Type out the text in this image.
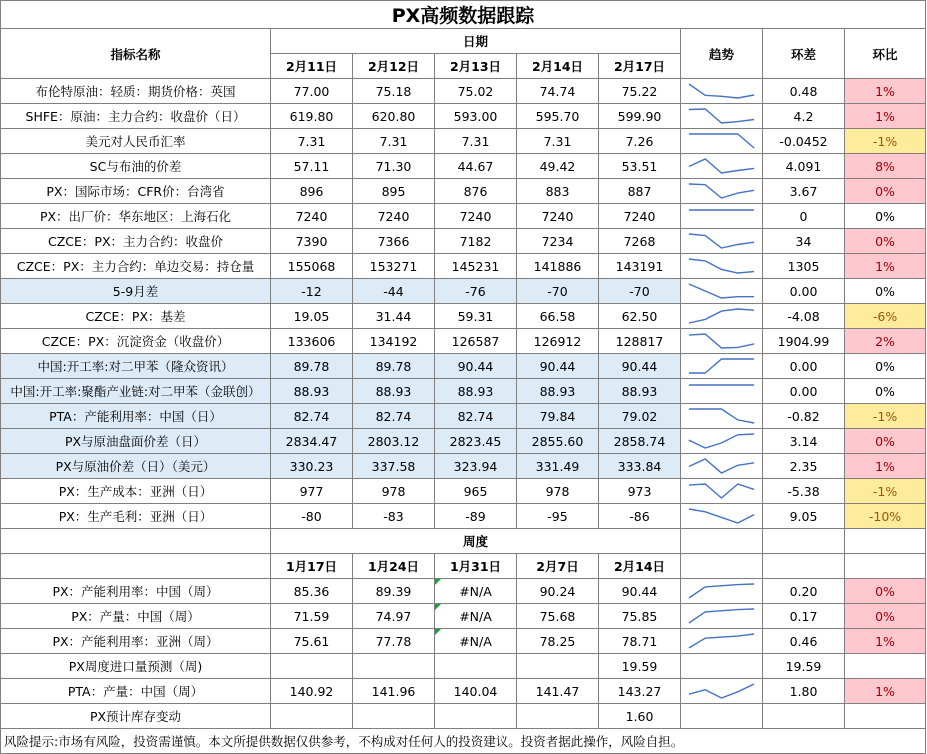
PX高频数据跟踪								
指标名称	日期					趋势	环差	环比
	2月11日	2月12日	2月13日	2月14日	2月17日			
布伦特原油：轻质：期货价格：英国	77.00	75.18	75.02	74.74	75.22		0.48	1%
SHFE：原油：主力合约：收盘价（日）	619.80	620.80	593.00	595.70	599.90		4.2	1%
美元对人民币汇率	7.31	7.31	7.31	7.31	7.26		-0.0452	-1%
SC与布油的价差	57.11	71.30	44.67	49.42	53.51		4.091	8%
PX：国际市场：CFR价：台湾省	896	895	876	883	887		3.67	0%
PX：出厂价：华东地区：上海石化	7240	7240	7240	7240	7240		0	0%
CZCE：PX：主力合约：收盘价	7390	7366	7182	7234	7268		34	0%
CZCE：PX：主力合约：单边交易：持仓量	155068	153271	145231	141886	143191		1305	1%
5-9月差	-12	-44	-76	-70	-70		0.00	0%
CZCE：PX：基差	19.05	31.44	59.31	66.58	62.50		-4.08	-6%
CZCE：PX：沉淀资金（收盘价）	133606	134192	126587	126912	128817		1904.99	2%
中国:开工率:对二甲苯（隆众资讯）	89.78	89.78	90.44	90.44	90.44		0.00	0%
中国:开工率:聚酯产业链:对二甲苯（金联创）	88.93	88.93	88.93	88.93	88.93		0.00	0%
PTA：产能利用率：中国（日）	82.74	82.74	82.74	79.84	79.02		-0.82	-1%
PX与原油盘面价差（日）	2834.47	2803.12	2823.45	2855.60	2858.74		3.14	0%
PX与原油价差（日）（美元）	330.23	337.58	323.94	331.49	333.84		2.35	1%
PX：生产成本：亚洲（日）	977	978	965	978	973		-5.38	-1%
PX：生产毛利：亚洲（日）	-80	-83	-89	-95	-86		9.05	-10%
	周度							
	1月17日	1月24日	1月31日	2月7日	2月14日			
PX：产能利用率：中国（周）	85.36	89.39	#N/A	90.24	90.44		0.20	0%
PX：产量：中国（周）	71.59	74.97	#N/A	75.68	75.85		0.17	0%
PX：产能利用率：亚洲（周）	75.61	77.78	#N/A	78.25	78.71		0.46	1%
PX周度进口量预测（周)					19.59		19.59	
PTA：产量：中国（周）	140.92	141.96	140.04	141.47	143.27		1.80	1%
PX预计库存变动					1.60			
风险提示:市场有风险，投资需谨慎。本文所提供数据仅供参考，不构成对任何人的投资建议。投资者据此操作，风险自担。								
